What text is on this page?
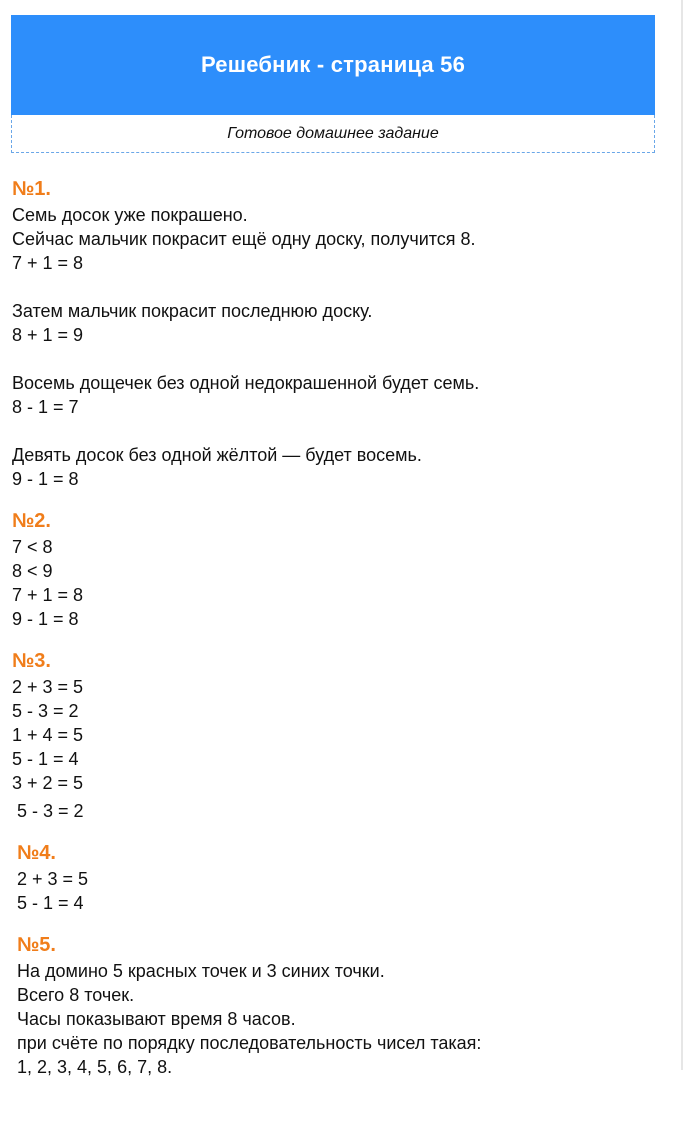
Решебник - страница 56
Готовое домашнее задание
№1.
Семь досок уже покрашено.
Сейчас мальчик покрасит ещё одну доску, получится 8.
7 + 1 = 8
Затем мальчик покрасит последнюю доску.
8 + 1 = 9
Восемь дощечек без одной недокрашенной будет семь.
8 - 1 = 7
Девять досок без одной жёлтой — будет восемь.
9 - 1 = 8
№2.
7 < 8
8 < 9
7 + 1 = 8
9 - 1 = 8
№3.
2 + 3 = 5
5 - 3 = 2
1 + 4 = 5
5 - 1 = 4
3 + 2 = 5
5 - 3 = 2
№4.
2 + 3 = 5
5 - 1 = 4
№5.
На домино 5 красных точек и 3 синих точки.
Всего 8 точек.
Часы показывают время 8 часов.
при счёте по порядку последовательность чисел такая:
1, 2, 3, 4, 5, 6, 7, 8.
